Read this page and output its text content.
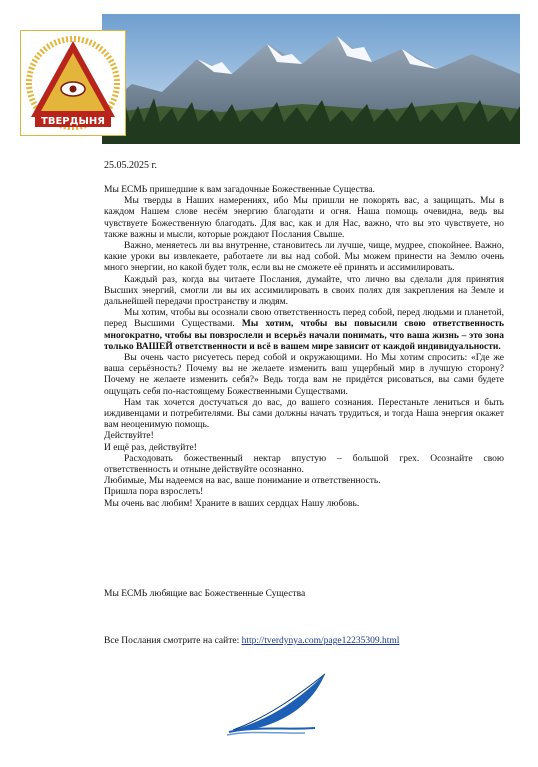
ТВЕРДЫНЯ
25.05.2025 г.

Мы ЕСМЬ пришедшие к вам загадочные Божественные Существа.

Мы тверды в Наших намерениях, ибо Мы пришли не покорять вас, а защищать. Мы в каждом Нашем слове несём энергию благодати и огня. Наша помощь очевидна, ведь вы чувствуете Божественную благодать. Для вас, как и для Нас, важно, что вы это чувствуете, но также важны и мысли, которые рождают Послания Свыше.

Важно, меняетесь ли вы внутренне, становитесь ли лучше, чище, мудрее, спокойнее. Важно, какие уроки вы извлекаете, работаете ли вы над собой. Мы можем принести на Землю очень много энергии, но какой будет толк, если вы не сможете её принять и ассимилировать.

Каждый раз, когда вы читаете Послания, думайте, что лично вы сделали для принятия Высших энергий, смогли ли вы их ассимилировать в своих полях для закрепления на Земле и дальнейшей передачи пространству и людям.

Мы хотим, чтобы вы осознали свою ответственность перед собой, перед людьми и планетой, перед Высшими Существами. Мы хотим, чтобы вы повысили свою ответственность многократно, чтобы вы повзрослели и всерьёз начали понимать, что ваша жизнь – это зона только ВАШЕЙ ответственности и всё в вашем мире зависит от каждой индивидуальности.

Вы очень часто рисуетесь перед собой и окружающими. Но Мы хотим спросить: «Где же ваша серьёзность? Почему вы не желаете изменить ваш ущербный мир в лучшую сторону? Почему не желаете изменить себя?» Ведь тогда вам не придётся рисоваться, вы сами будете ощущать себя по-настоящему Божественными Существами.

Нам так хочется достучаться до вас, до вашего сознания. Перестаньте лениться и быть иждивенцами и потребителями. Вы сами должны начать трудиться, и тогда Наша энергия окажет вам неоценимую помощь.

Действуйте!

И ещё раз, действуйте!

Расходовать божественный нектар впустую – большой грех. Осознайте свою ответственность и отныне действуйте осознанно.

Любимые, Мы надеемся на вас, ваше понимание и ответственность.

Пришла пора взрослеть!

Мы очень вас любим! Храните в ваших сердцах Нашу любовь.

Мы ЕСМЬ любящие вас Божественные Существа
Все Послания смотрите на сайте: http://tverdynya.com/page12235309.html
